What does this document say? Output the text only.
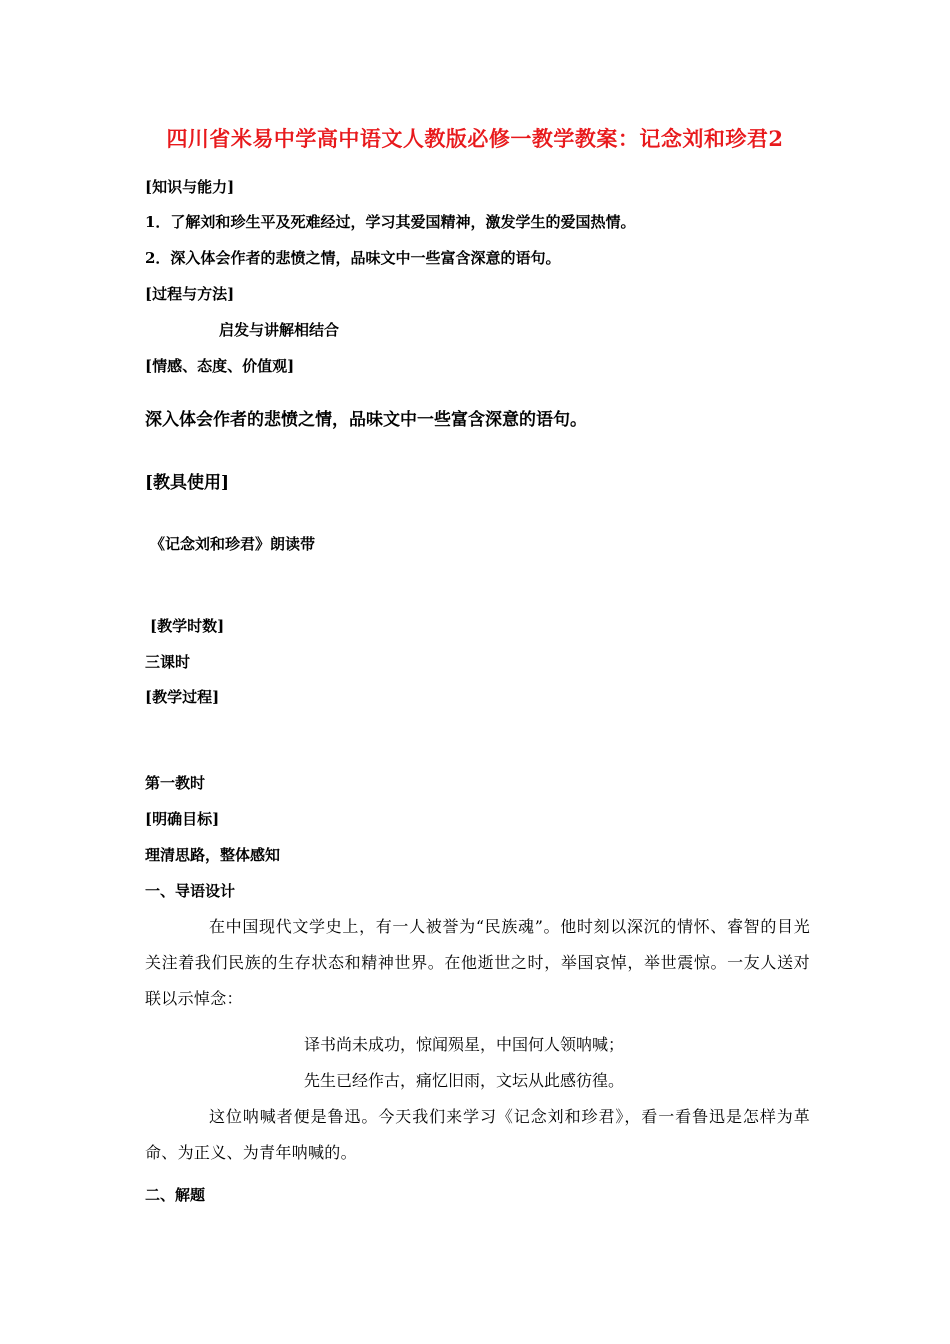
四川省米易中学高中语文人教版必修一教学教案：记念刘和珍君2
[知识与能力]
1．了解刘和珍生平及死难经过，学习其爱国精神，激发学生的爱国热情。
2．深入体会作者的悲愤之情，品味文中一些富含深意的语句。
[过程与方法]
启发与讲解相结合
[情感、态度、价值观]
深入体会作者的悲愤之情，品味文中一些富含深意的语句。
[教具使用]
《记念刘和珍君》朗读带
[教学时数]
三课时
[教学过程]
第一教时
[明确目标]
理清思路，整体感知
一、导语设计
在中国现代文学史上，有一人被誉为“民族魂”。他时刻以深沉的情怀、睿智的目光关注着我们民族的生存状态和精神世界。在他逝世之时，举国哀悼，举世震惊。一友人送对联以示悼念：
译书尚未成功，惊闻殒星，中国何人领呐喊；
先生已经作古，痛忆旧雨，文坛从此感彷徨。
这位呐喊者便是鲁迅。今天我们来学习《记念刘和珍君》，看一看鲁迅是怎样为革命、为正义、为青年呐喊的。
二、解题
